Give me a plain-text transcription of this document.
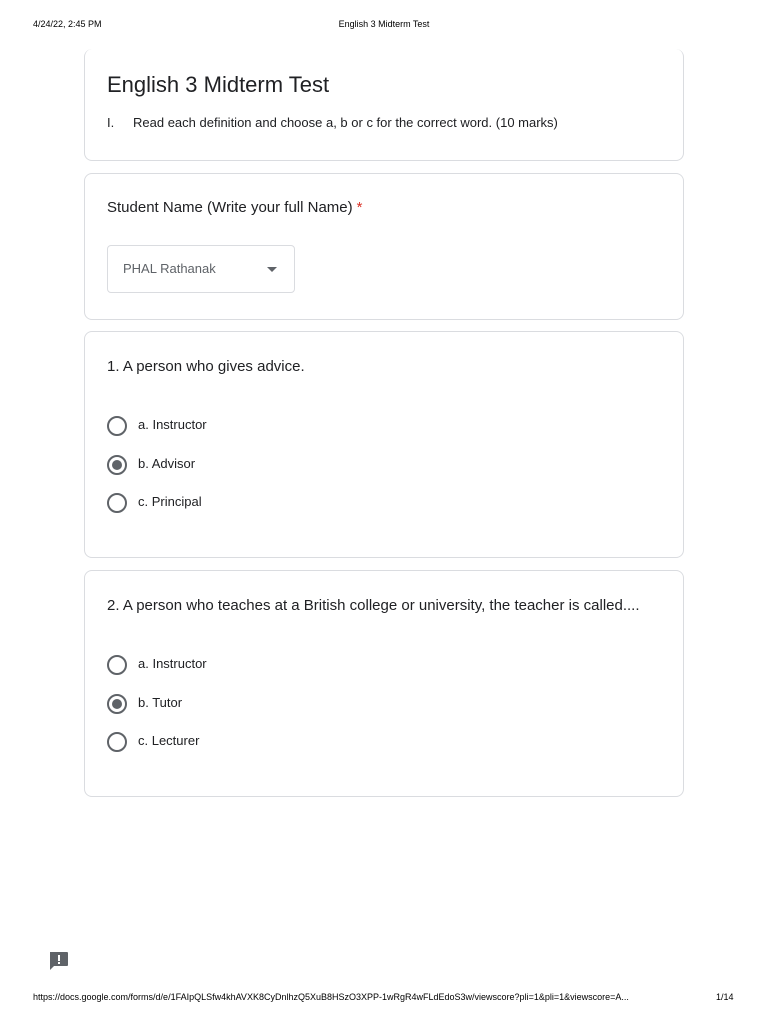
4/24/22, 2:45 PM	English 3 Midterm Test
English 3 Midterm Test
I. Read each definition and choose a, b or c for the correct word. (10 marks)
Student Name (Write your full Name) *
PHAL Rathanak
1. A person who gives advice.
a. Instructor
b. Advisor
c. Principal
2. A person who teaches at a British college or university, the teacher is called....
a. Instructor
b. Tutor
c. Lecturer
https://docs.google.com/forms/d/e/1FAIpQLSfw4khAVXK8CyDnlhzQ5XuB8HSzO3XPP-1wRgR4wFLdEdoS3w/viewscore?pli=1&pli=1&viewscore=A...	1/14
